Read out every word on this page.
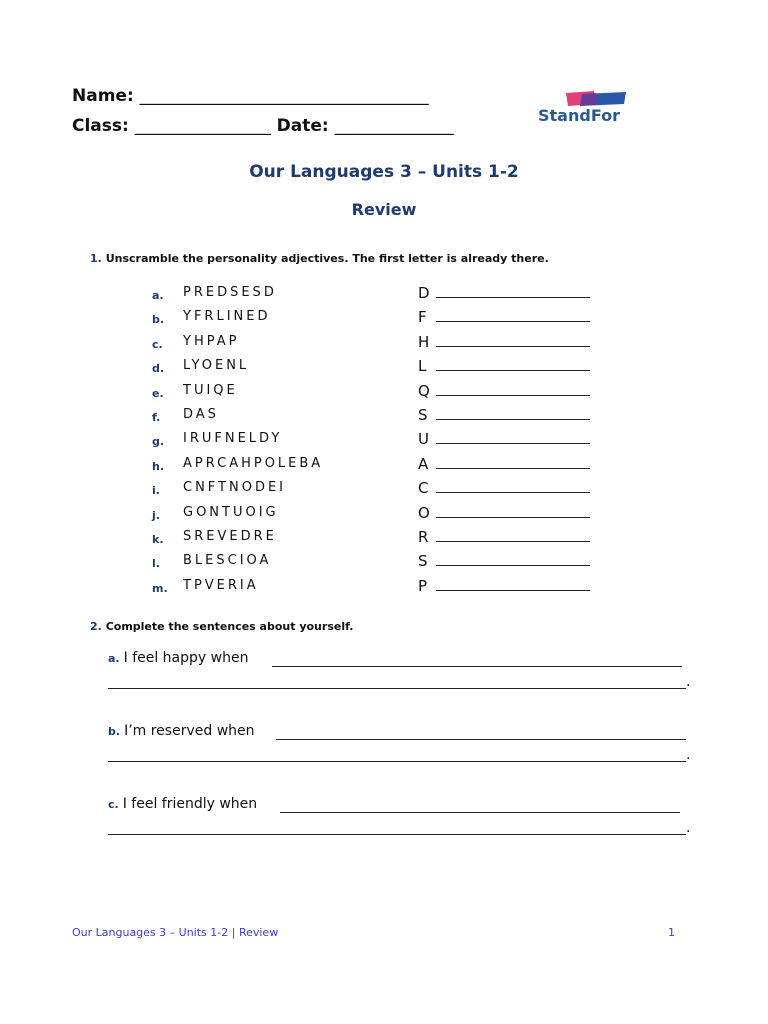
Name: __________________________________
Class: ________________ Date: ______________
StandFor
Our Languages 3 – Units 1-2
Review
1. Unscramble the personality adjectives. The first letter is already there.
a. PREDSESD	D
b. YFRLINED	F
c. YHPAP	H
d. LYOENL	L
e. TUIQE	Q
f. DAS	S
g. IRUFNELDY	U
h. APRCAHPOLEBA	A
i. CNFTNODEI	C
j. GONTUOIG	O
k. SREVEDRE	R
l. BLESCIOA	S
m. TPVERIA	P
2. Complete the sentences about yourself.
a. I feel happy when
.
b. I’m reserved when
.
c. I feel friendly when
.
Our Languages 3 – Units 1-2 | Review	1
